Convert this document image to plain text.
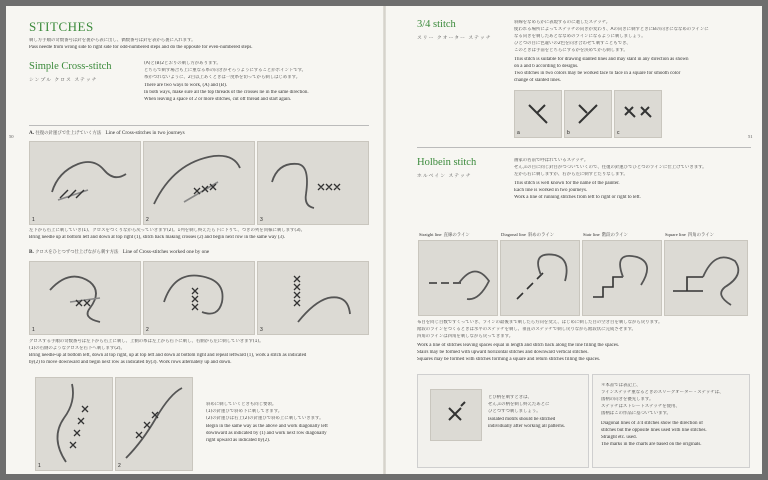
50
STITCHES
刺し方手順の奇数番号は針を裏から表に出し、偶数番号は針を表から裏に入れます。
Pass needle from wrong side to right side for odd-numbered steps and do the opposite for even-numbered steps.
Simple Cross-stitch
シンプル クロス ステッチ
(A)と(B)2とおりの刺し方があります。
どちらで刺す場合も上に重なる糸の向きがそろうようにすることがポイントです。
糸がつれないように、2目以上あくときは一度糸を切ってから刺しはじめます。
There are two ways to work, (A) and (B).
In both ways, make sure all the top threads of the crosses lie in the same direction.
When leaving a space of 2 or more stitches, cut off thread and start again.
A. 往復の針運びで仕上げていく方法 Line of Cross-stitches in two journeys
1	2	3
左下から右上に刺していき(1)、クロスをつくりながら戻っていきます(2)。1列を刺し終えたら下に下りて、つぎの列を同様に刺します(3)。
Bring needle up at bottom left and down at top right (1), stitch back making crosses (2) and begin next row in the same way (3).
B. クロスをひとつずつ仕上げながら刺す方法 Line of Cross-stitches worked one by one
1	2	3
クロスする手順の奇数番号は左下から右上に刺し、上側の糸は左上から右下に刺し、右側から左に刺していきます(1)。
(1)の右側のようなクロスを右下へ刺します(2)。
Bring needle-up at bottom left, down at top right, up at top left and down at bottom right and repeat leftward (1), work a stitch as indicated
by(2) to move downward and begin next row as indicated by(3). Work rows alternately up and down.
1	2
斜めに刺していくときも同じ要領。
(1)の針運びで斜め下に刺してきます。
(2)の針運びは右上(2)の針運びで斜め上に刺していきます。
Begin in the same way as the above and work diagonally left
downward as indicated by (1) and work next row diagonally
right upward as indicated by(2).
51
3/4 stitch
スリー クオーター ステッチ
斜線をなめらかに表現するのに適したステッチ。
使われる場所によってステッチの向きが変わり、Aの向きに刺すときにBの向きにななめのラインに
なる向きを刺したあとななめのラインになるように刺しましょう。
ひとつの目に色違いの2色を向き合わせて刺すこともでき、
このときは手前をどちらにするかを決めてから刺します。
This stitch is suitable for drawing slanted lines and may slant in any direction as shown
on a and b according to designs.
Two stitches in two colors may be worked face to face in a square for smooth color
change of slanted lines.
a	b	c
Holbein stitch
ホルベイン ステッチ
画家の名前で呼ばれているステッチ。
ぜんぶの目に同じ針目がつづいていくので、往復の針運びでひとつのラインに仕上げていきます。
左から右に刺しますが、右から左に刺すとたりなします。
This stitch is well known for the name of the painter.
Each line is worked in two journeys.
Work a line of running stitches from left to right or right to left.
Straight line 直線のライン	Diagonal line 斜めのライン	Stair line 階段のライン	Square line 四角のライン
布目を同じ目数ですくっていき、ラインの最後まで刺したら方向を変え、はじめに刺した目の空き目を刺しながら戻ります。
階段のラインをつくるときは水平のステッチを刺し、垂直のステッチで刺し戻りながら階段状に完成させます。
四角のラインは四角を刺しながら戻ってきます。
Work a line of stitches leaving spaces equal in length and stitch back along the line filling the spaces.
Stairs may be formed with upward horizontal stitches and downward vertical stitches.
Squares may be formed with stitches forming a square and return stitches filling the spaces.
とび柄を刺すときは、
ぜんぶの柄を刺し終えたあとに
ひとつずつ刺しましょう。
Isolated motifs should be stitched
individually after working all patterns.
＊本書では表記上、
ラインステッチ重なるときのスリークオーター・ステッチは、
図柄の向きを優先します。
ステッチはストレートステッチを使用、
図柄はこの作品に基づいています。
Diagonal lines of 3/4 stitches show the direction of
stitches but the opposite lines used with line stitches.
Straight etc. used.
The marks in the charts are based on the originals.
